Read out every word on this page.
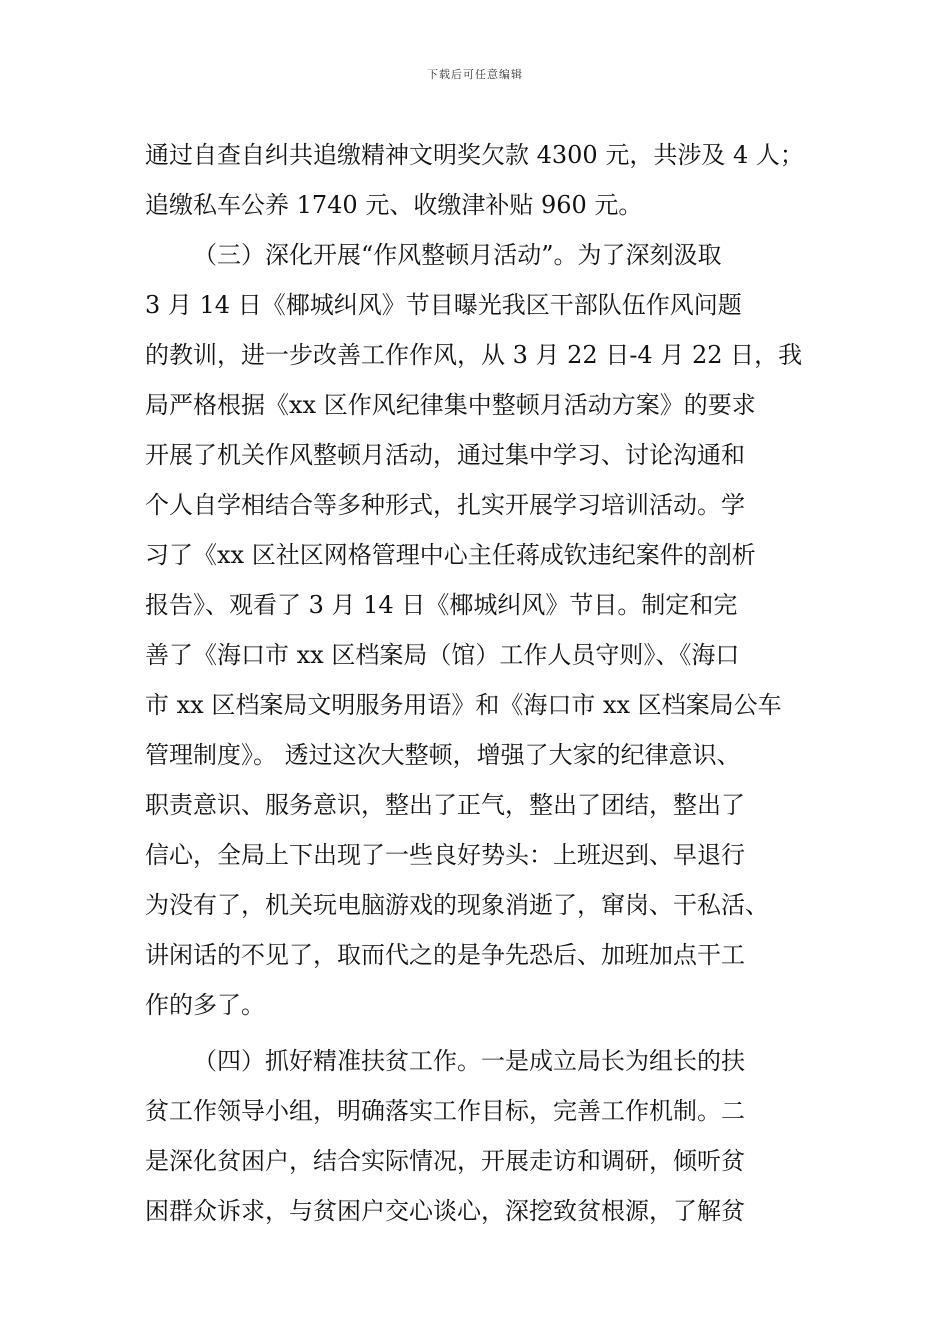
下载后可任意编辑
通过自查自纠共追缴精神文明奖欠款 4300 元，共涉及 4 人；
追缴私车公养 1740 元、收缴津补贴 960 元。
（三）深化开展“作风整顿月活动”。为了深刻汲取
3 月 14 日《椰城纠风》节目曝光我区干部队伍作风问题
的教训，进一步改善工作作风，从 3 月 22 日-4 月 22 日，我
局严格根据《xx 区作风纪律集中整顿月活动方案》的要求
开展了机关作风整顿月活动，通过集中学习、讨论沟通和
个人自学相结合等多种形式，扎实开展学习培训活动。学
习了《xx 区社区网格管理中心主任蒋成钦违纪案件的剖析
报告》、观看了 3 月 14 日《椰城纠风》节目。制定和完
善了《海口市 xx 区档案局（馆）工作人员守则》、《海口
市 xx 区档案局文明服务用语》和《海口市 xx 区档案局公车
管理制度》。 透过这次大整顿，增强了大家的纪律意识、
职责意识、服务意识，整出了正气，整出了团结，整出了
信心，全局上下出现了一些良好势头：上班迟到、早退行
为没有了，机关玩电脑游戏的现象消逝了，窜岗、干私活、
讲闲话的不见了，取而代之的是争先恐后、加班加点干工
作的多了。
（四）抓好精准扶贫工作。一是成立局长为组长的扶
贫工作领导小组，明确落实工作目标，完善工作机制。二
是深化贫困户，结合实际情况，开展走访和调研，倾听贫
困群众诉求，与贫困户交心谈心，深挖致贫根源，了解贫
